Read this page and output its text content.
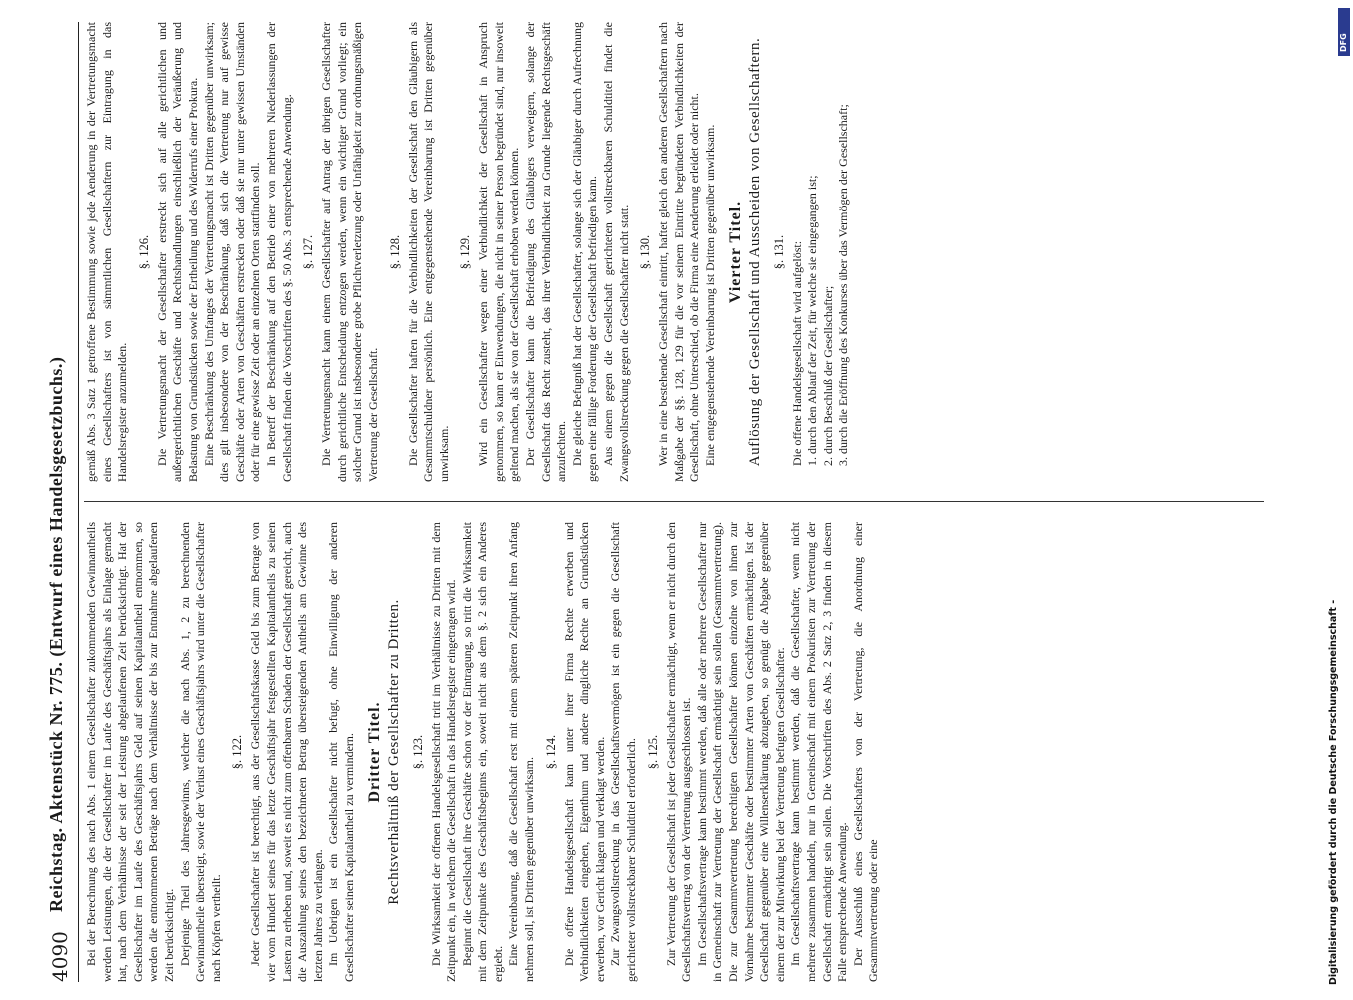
4090
Reichstag. Aktenstück Nr. 775. (Entwurf eines Handelsgesetzbuchs.) Bei der Berechnung des nach Abs. 1 einem Gesellschafter zukommenden Gewinnantheils werden Leistungen, die der Gesellschafter im Laufe des Geschäftsjahrs als Einlage gemacht hat, nach dem Verhältnisse der seit der Leistung abgelaufenen Zeit berücksichtigt. Hat der Gesellschafter im Laufe des Geschäftsjahrs Geld auf seinen Kapitalantheil entnommen, so werden die entnommenen Beträge nach dem Verhältnisse der bis zur Entnahme abgelaufenen Zeit berücksichtigt. Derjenige Theil des Jahresgewinns, welcher die nach Abs. 1, 2 zu berechnenden Gewinnantheile übersteigt, sowie der Verlust eines Geschäftsjahrs wird unter die Gesellschafter nach Köpfen vertheilt.

§. 122. Jeder Gesellschafter ist berechtigt, aus der Gesellschaftskasse Geld bis zum Betrage von vier vom Hundert seines für das letzte Geschäftsjahr festgestellten Kapitalantheils zu seinen Lasten zu erheben und, soweit es nicht zum offenbaren Schaden der Gesellschaft gereicht, auch die Auszahlung seines den bezeichneten Betrag übersteigenden Antheils am Gewinne des letzten Jahres zu verlangen. Im Uebrigen ist ein Gesellschafter nicht befugt, ohne Einwilligung der anderen Gesellschafter seinen Kapitalantheil zu vermindern. Dritter Titel. Rechtsverhältniß der Gesellschafter zu Dritten. §. 123. Die Wirksamkeit der offenen Handelsgesellschaft tritt im Verhältnisse zu Dritten mit dem Zeitpunkt ein, in welchem die Gesellschaft in das Handelsregister eingetragen wird. Beginnt die Gesellschaft ihre Geschäfte schon vor der Eintragung, so tritt die Wirksamkeit mit dem Zeitpunkte des Geschäftsbeginns ein, soweit nicht aus dem §. 2 sich ein Anderes ergiebt. Eine Vereinbarung, daß die Gesellschaft erst mit einem späteren Zeitpunkt ihren Anfang nehmen soll, ist Dritten gegenüber unwirksam.

§. 124. Die offene Handelsgesellschaft kann unter ihrer Firma Rechte erwerben und Verbindlichkeiten eingehen, Eigenthum und andere dingliche Rechte an Grundstücken erwerben, vor Gericht klagen und verklagt werden. Zur Zwangsvollstreckung in das Gesellschaftsvermögen ist ein gegen die Gesellschaft gerichteter vollstreckbarer Schuldtitel erforderlich. §. 125. Zur Vertretung der Gesellschaft ist jeder Gesellschafter ermächtigt, wenn er nicht durch den Gesellschaftsvertrag von der Vertretung ausgeschlossen ist. Im Gesellschaftsvertrage kann bestimmt werden, daß alle oder mehrere Gesellschafter nur in Gemeinschaft zur Vertretung der Gesellschaft ermächtigt sein sollen (Gesammtvertretung). Die zur Gesammtvertretung berechtigten Gesellschafter können einzelne von ihnen zur Vornahme bestimmter Geschäfte oder bestimmter Arten von Geschäften ermächtigen. Ist der Gesellschaft gegenüber eine Willenserklärung abzugeben, so genügt die Abgabe gegenüber einem der zur Mitwirkung bei der Vertretung befugten Gesellschafter. Im Gesellschaftsvertrage kann bestimmt werden, daß die Gesellschafter, wenn nicht mehrere zusammen handeln, nur in Gemeinschaft mit einem Prokuristen zur Vertretung der Gesellschaft ermächtigt sein sollen. Die Vorschriften des Abs. 2 Satz 2, 3 finden in diesem Falle entsprechende Anwendung. Der Ausschluß eines Gesellschafters von der Vertretung, die Anordnung einer Gesammtvertretung oder eine

gemäß Abs. 3 Satz 1 getroffene Bestimmung sowie jede Aenderung in der Vertretungsmacht eines Gesellschafters ist von sämmtlichen Gesellschaftern zur Eintragung in das Handelsregister anzumelden.

§. 126. Die Vertretungsmacht der Gesellschafter erstreckt sich auf alle gerichtlichen und außergerichtlichen Geschäfte und Rechtshandlungen einschließlich der Veräußerung und Belastung von Grundstücken sowie der Ertheilung und des Widerrufs einer Prokura. Eine Beschränkung des Umfanges der Vertretungsmacht ist Dritten gegenüber unwirksam; dies gilt insbesondere von der Beschränkung, daß sich die Vertretung nur auf gewisse Geschäfte oder Arten von Geschäften erstrecken oder daß sie nur unter gewissen Umständen oder für eine gewisse Zeit oder an einzelnen Orten stattfinden soll. In Betreff der Beschränkung auf den Betrieb einer von mehreren Niederlassungen der Gesellschaft finden die Vorschriften des §. 50 Abs. 3 entsprechende Anwendung. §. 127. Die Vertretungsmacht kann einem Gesellschafter auf Antrag der übrigen Gesellschafter durch gerichtliche Entscheidung entzogen werden, wenn ein wichtiger Grund vorliegt; ein solcher Grund ist insbesondere grobe Pflichtverletzung oder Unfähigkeit zur ordnungsmäßigen Vertretung der Gesellschaft.

§. 128. Die Gesellschafter haften für die Verbindlichkeiten der Gesellschaft den Gläubigern als Gesammtschuldner persönlich. Eine entgegenstehende Vereinbarung ist Dritten gegenüber unwirksam.

§. 129. Wird ein Gesellschafter wegen einer Verbindlichkeit der Gesellschaft in Anspruch genommen, so kann er Einwendungen, die nicht in seiner Person begründet sind, nur insoweit geltend machen, als sie von der Gesellschaft erhoben werden können. Der Gesellschafter kann die Befriedigung des Gläubigers verweigern, solange der Gesellschaft das Recht zusteht, das ihrer Verbindlichkeit zu Grunde liegende Rechtsgeschäft anzufechten. Die gleiche Befugniß hat der Gesellschafter, solange sich der Gläubiger durch Aufrechnung gegen eine fällige Forderung der Gesellschaft befriedigen kann. Aus einem gegen die Gesellschaft gerichteten vollstreckbaren Schuldtitel findet die Zwangsvollstreckung gegen die Gesellschafter nicht statt. §. 130. Wer in eine bestehende Gesellschaft eintritt, haftet gleich den anderen Gesellschaftern nach Maßgabe der §§. 128, 129 für die vor seinem Eintritte begründeten Verbindlichkeiten der Gesellschaft, ohne Unterschied, ob die Firma eine Aenderung erleidet oder nicht. Eine entgegenstehende Vereinbarung ist Dritten gegenüber unwirksam. Vierter Titel. Auflösung der Gesellschaft und Ausscheiden von Gesellschaftern. §. 131. Die offene Handelsgesellschaft wird aufgelöst: 1. durch den Ablauf der Zeit, für welche sie eingegangen ist; 2. durch Beschluß der Gesellschafter; 3. durch die Eröffnung des Konkurses über das Vermögen der Gesellschaft;

Digitalisierung gefördert durch die Deutsche Forschungsgemeinschaft -
DFG
